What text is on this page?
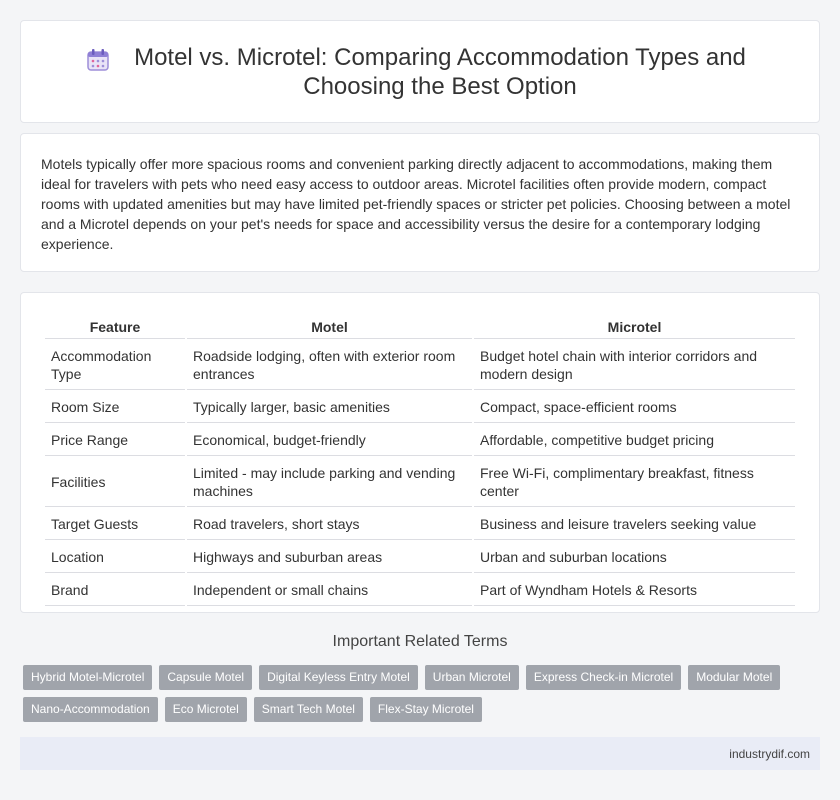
Motel vs. Microtel: Comparing Accommodation Types and Choosing the Best Option

Motels typically offer more spacious rooms and convenient parking directly adjacent to accommodations, making them ideal for travelers with pets who need easy access to outdoor areas. Microtel facilities often provide modern, compact rooms with updated amenities but may have limited pet-friendly spaces or stricter pet policies. Choosing between a motel and a Microtel depends on your pet's needs for space and accessibility versus the desire for a contemporary lodging experience.

Feature	Motel	Microtel
Accommodation Type	Roadside lodging, often with exterior room entrances	Budget hotel chain with interior corridors and modern design
Room Size	Typically larger, basic amenities	Compact, space-efficient rooms
Price Range	Economical, budget-friendly	Affordable, competitive budget pricing
Facilities	Limited - may include parking and vending machines	Free Wi-Fi, complimentary breakfast, fitness center
Target Guests	Road travelers, short stays	Business and leisure travelers seeking value
Location	Highways and suburban areas	Urban and suburban locations
Brand	Independent or small chains	Part of Wyndham Hotels & Resorts
Important Related Terms
Hybrid Motel-Microtel	Capsule Motel	Digital Keyless Entry Motel	Urban Microtel	Express Check-in Microtel	Modular Motel
Nano-Accommodation	Eco Microtel	Smart Tech Motel	Flex-Stay Microtel
industrydif.com
